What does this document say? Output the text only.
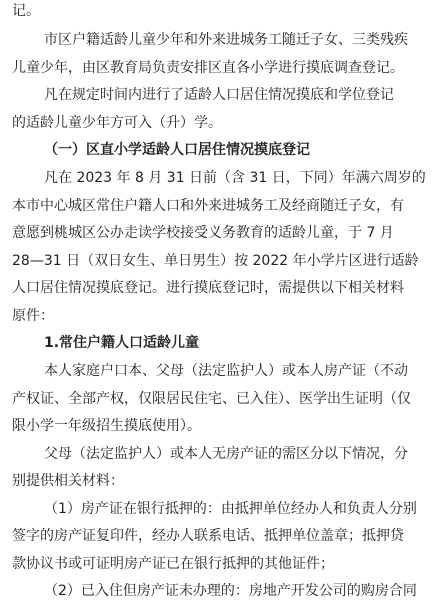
记。
市区户籍适龄儿童少年和外来进城务工随迁子女、三类残疾
儿童少年，由区教育局负责安排区直各小学进行摸底调查登记。
凡在规定时间内进行了适龄人口居住情况摸底和学位登记
的适龄儿童少年方可入（升）学。
（一）区直小学适龄人口居住情况摸底登记
凡在 2023 年 8 月 31 日前（含 31 日，下同）年满六周岁的
本市中心城区常住户籍人口和外来进城务工及经商随迁子女，有
意愿到桃城区公办走读学校接受义务教育的适龄儿童，于 7 月
28—31 日（双日女生、单日男生）按 2022 年小学片区进行适龄
人口居住情况摸底登记。进行摸底登记时，需提供以下相关材料
原件：
1.常住户籍人口适龄儿童
本人家庭户口本、父母（法定监护人）或本人房产证（不动
产权证、全部产权，仅限居民住宅、已入住）、医学出生证明（仅
限小学一年级招生摸底使用）。
父母（法定监护人）或本人无房产证的需区分以下情况，分
别提供相关材料：
（1）房产证在银行抵押的：由抵押单位经办人和负责人分别
签字的房产证复印件，经办人联系电话、抵押单位盖章；抵押贷
款协议书或可证明房产证已在银行抵押的其他证件；
（2）已入住但房产证未办理的：房地产开发公司的购房合同
